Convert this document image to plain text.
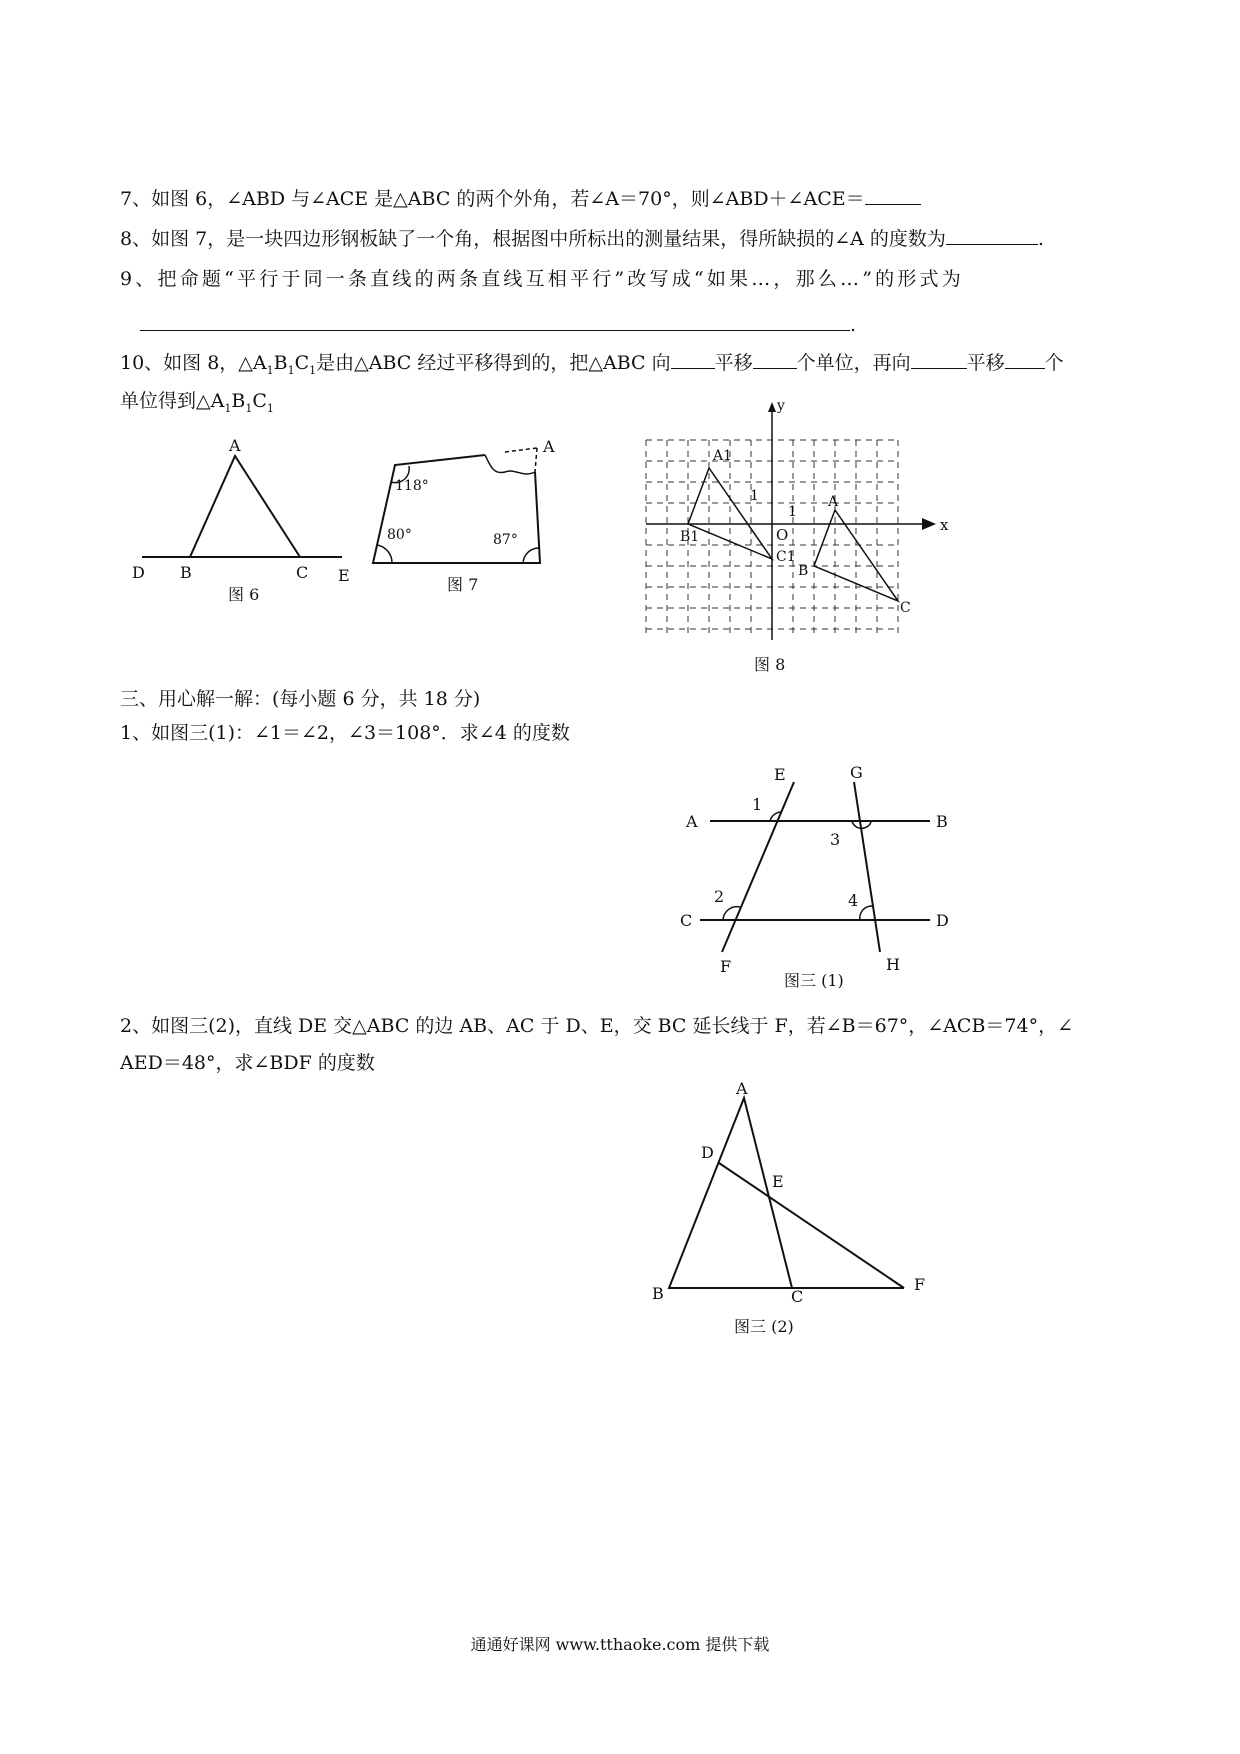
7、如图 6，∠ABD 与∠ACE 是△ABC 的两个外角，若∠A＝70°，则∠ABD＋∠ACE＝
8、如图 7，是一块四边形钢板缺了一个角，根据图中所标出的测量结果，得所缺损的∠A 的度数为	.
9、把命题“平行于同一条直线的两条直线互相平行”改写成“如果…，那么…”的形式为
.
10、如图 8，$\triangle A_1B_1C_1$是由△ABC 经过平移得到的，把△ABC 向 平移 个单位，再向	平移 个
单位得到$\triangle A_1B_1C_1$
A
D B	C E
图 6
A
118°
80°	87°
图 7
y
x
O
1
1
A1
B1
C1
A
B
C
图 8
三、用心解一解：(每小题 6 分，共 18 分)
1、如图三(1)：∠1＝∠2，∠3＝108°．求∠4 的度数
A	B
C	D
E
F
G
H
1
2
3
4
图三 (1)
2、如图三(2)，直线 DE 交△ABC 的边 AB、AC 于 D、E，交 BC 延长线于 F，若∠B＝67°，∠ACB＝74°，∠
AED＝48°，求∠BDF 的度数
A
B	C
D
E
F
图三 (2)
通通好课网 www.tthaoke.com 提供下载
